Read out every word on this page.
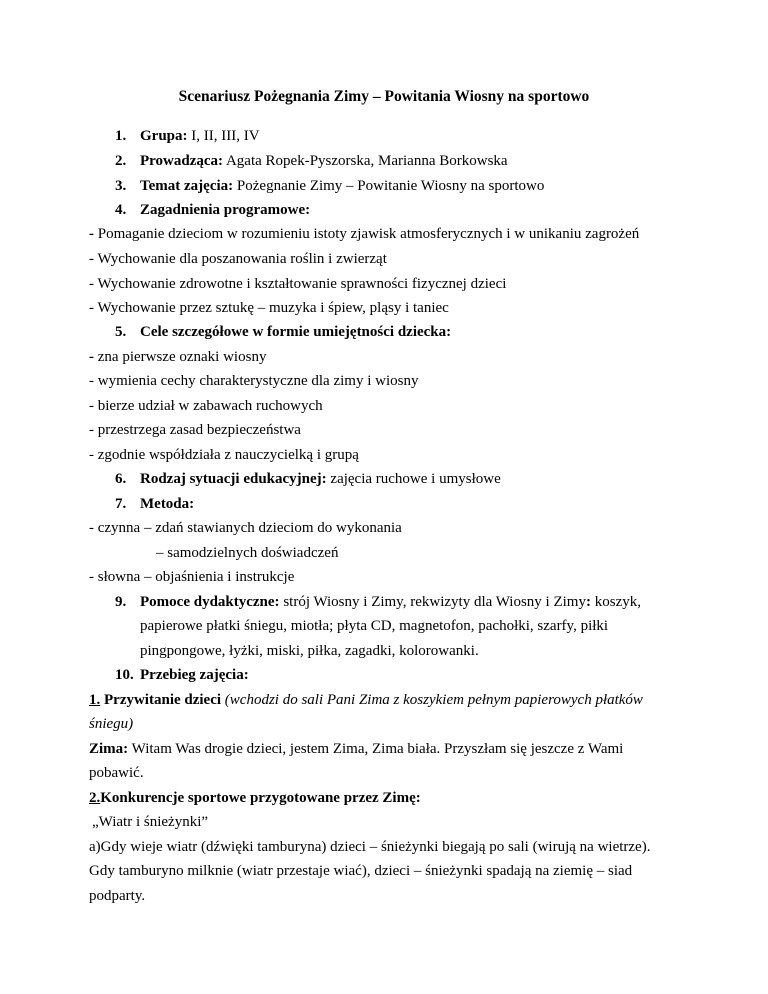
Scenariusz Pożegnania Zimy – Powitania Wiosny na sportowo
1. Grupa: I, II, III, IV
2. Prowadząca: Agata Ropek-Pyszorska, Marianna Borkowska
3. Temat zajęcia: Pożegnanie Zimy – Powitanie Wiosny na sportowo
4. Zagadnienia programowe:
- Pomaganie dzieciom w rozumieniu istoty zjawisk atmosferycznych i w unikaniu zagrożeń
- Wychowanie dla poszanowania roślin i zwierząt
- Wychowanie zdrowotne i kształtowanie sprawności fizycznej dzieci
- Wychowanie przez sztukę – muzyka i śpiew, pląsy i taniec
5. Cele szczegółowe w formie umiejętności dziecka:
- zna pierwsze oznaki wiosny
- wymienia cechy charakterystyczne dla zimy i wiosny
- bierze udział w zabawach ruchowych
- przestrzega zasad bezpieczeństwa
- zgodnie współdziała z nauczycielką i grupą
6. Rodzaj sytuacji edukacyjnej: zajęcia ruchowe i umysłowe
7. Metoda:
- czynna – zdań stawianych dzieciom do wykonania
– samodzielnych doświadczeń
- słowna – objaśnienia i instrukcje
9. Pomoce dydaktyczne: strój Wiosny i Zimy, rekwizyty dla Wiosny i Zimy: koszyk,
papierowe płatki śniegu, miotła; płyta CD, magnetofon, pachołki, szarfy, piłki
pingpongowe, łyżki, miski, piłka, zagadki, kolorowanki.
10. Przebieg zajęcia:
1. Przywitanie dzieci (wchodzi do sali Pani Zima z koszykiem pełnym papierowych płatków
śniegu)
Zima: Witam Was drogie dzieci, jestem Zima, Zima biała. Przyszłam się jeszcze z Wami
pobawić.
2.Konkurencje sportowe przygotowane przez Zimę:
„Wiatr i śnieżynki”
a)Gdy wieje wiatr (dźwięki tamburyna) dzieci – śnieżynki biegają po sali (wirują na wietrze).
Gdy tamburyno milknie (wiatr przestaje wiać), dzieci – śnieżynki spadają na ziemię – siad
podparty.
